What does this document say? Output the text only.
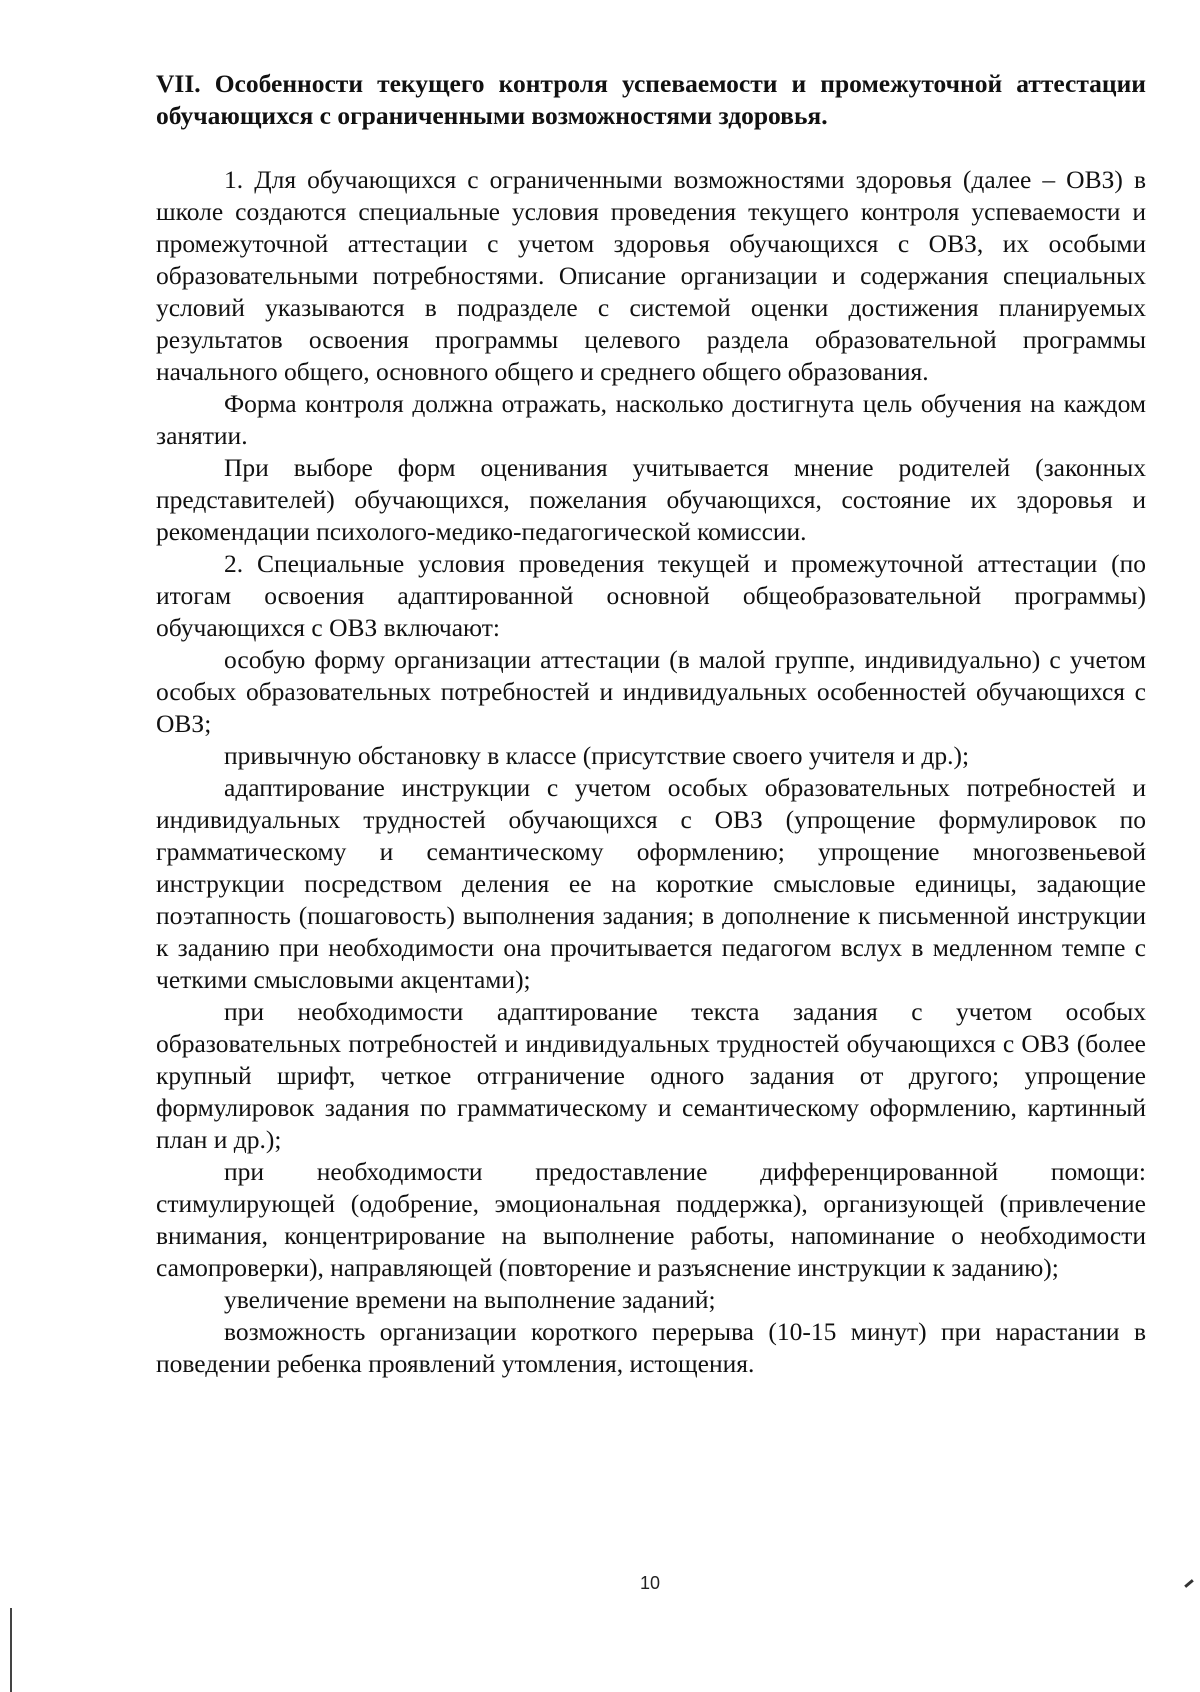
VII. Особенности текущего контроля успеваемости и промежуточной аттестации обучающихся с ограниченными возможностями здоровья.

1. Для обучающихся с ограниченными возможностями здоровья (далее – ОВЗ) в школе создаются специальные условия проведения текущего контроля успеваемости и промежуточной аттестации с учетом здоровья обучающихся с ОВЗ, их особыми образовательными потребностями. Описание организации и содержания специальных условий указываются в подразделе с системой оценки достижения планируемых результатов освоения программы целевого раздела образовательной программы начального общего, основного общего и среднего общего образования.

Форма контроля должна отражать, насколько достигнута цель обучения на каждом занятии.

При выборе форм оценивания учитывается мнение родителей (законных представителей) обучающихся, пожелания обучающихся, состояние их здоровья и рекомендации психолого-медико-педагогической комиссии.

2. Специальные условия проведения текущей и промежуточной аттестации (по итогам освоения адаптированной основной общеобразовательной программы) обучающихся с ОВЗ включают:

особую форму организации аттестации (в малой группе, индивидуально) с учетом особых образовательных потребностей и индивидуальных особенностей обучающихся с ОВЗ;

привычную обстановку в классе (присутствие своего учителя и др.);

адаптирование инструкции с учетом особых образовательных потребностей и индивидуальных трудностей обучающихся с ОВЗ (упрощение формулировок по грамматическому и семантическому оформлению; упрощение многозвеньевой инструкции посредством деления ее на короткие смысловые единицы, задающие поэтапность (пошаговость) выполнения задания; в дополнение к письменной инструкции к заданию при необходимости она прочитывается педагогом вслух в медленном темпе с четкими смысловыми акцентами);

при необходимости адаптирование текста задания с учетом особых образовательных потребностей и индивидуальных трудностей обучающихся с ОВЗ (более крупный шрифт, четкое отграничение одного задания от другого; упрощение формулировок задания по грамматическому и семантическому оформлению, картинный план и др.);

при необходимости предоставление дифференцированной помощи: стимулирующей (одобрение, эмоциональная поддержка), организующей (привлечение внимания, концентрирование на выполнение работы, напоминание о необходимости самопроверки), направляющей (повторение и разъяснение инструкции к заданию);

увеличение времени на выполнение заданий;

возможность организации короткого перерыва (10-15 минут) при нарастании в поведении ребенка проявлений утомления, истощения.

10
